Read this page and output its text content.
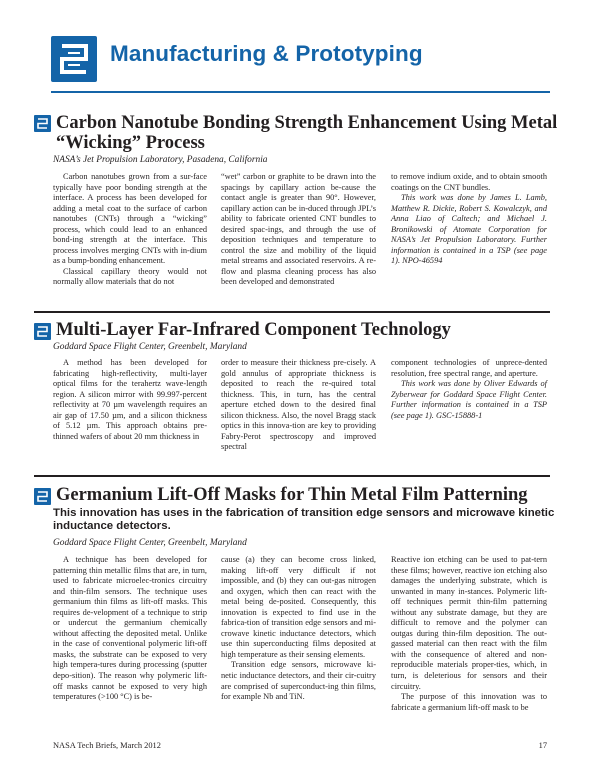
Manufacturing & Prototyping
Carbon Nanotube Bonding Strength Enhancement Using Metal
“Wicking” Process
NASA’s Jet Propulsion Laboratory, Pasadena, California

Carbon nanotubes grown from a sur-face typically have poor bonding strength at the interface. A process has been developed for adding a metal coat to the surface of carbon nanotubes (CNTs) through a “wicking” process, which could lead to an enhanced bond-ing strength at the interface. This process involves merging CNTs with in-dium as a bump-bonding enhancement.

Classical capillary theory would not normally allow materials that do not

“wet” carbon or graphite to be drawn into the spacings by capillary action be-cause the contact angle is greater than 90°. However, capillary action can be in-duced through JPL’s ability to fabricate oriented CNT bundles to desired spac-ings, and through the use of deposition techniques and temperature to control the size and mobility of the liquid metal streams and associated reservoirs. A re-flow and plasma cleaning process has also been developed and demonstrated

to remove indium oxide, and to obtain smooth coatings on the CNT bundles.

This work was done by James L. Lamb, Matthew R. Dickie, Robert S. Kowalczyk, and Anna Liao of Caltech; and Michael J. Bronikowski of Atomate Corporation for NASA’s Jet Propulsion Laboratory. Further information is contained in a TSP (see page 1). NPO-46594

Multi-Layer Far-Infrared Component Technology
Goddard Space Flight Center, Greenbelt, Maryland

A method has been developed for fabricating high-reflectivity, multi-layer optical films for the terahertz wave-length region. A silicon mirror with 99.997-percent reflectivity at 70 µm wavelength requires an air gap of 17.50 µm, and a silicon thickness of 5.12 µm. This approach obtains pre-thinned wafers of about 20 mm thickness in

order to measure their thickness pre-cisely. A gold annulus of appropriate thickness is deposited to reach the re-quired total thickness. This, in turn, has the central aperture etched down to the desired final silicon thickness. Also, the novel Bragg stack optics in this innova-tion are key to providing Fabry-Perot spectroscopy and improved spectral

component technologies of unprece-dented resolution, free spectral range, and aperture.

This work was done by Oliver Edwards of Zyberwear for Goddard Space Flight Center. Further information is contained in a TSP (see page 1). GSC-15888-1

Germanium Lift-Off Masks for Thin Metal Film Patterning
This innovation has uses in the fabrication of transition edge sensors and microwave kinetic
inductance detectors.
Goddard Space Flight Center, Greenbelt, Maryland

A technique has been developed for patterning thin metallic films that are, in turn, used to fabricate microelec-tronics circuitry and thin-film sensors. The technique uses germanium thin films as lift-off masks. This requires de-velopment of a technique to strip or undercut the germanium chemically without affecting the deposited metal. Unlike in the case of conventional polymeric lift-off masks, the substrate can be exposed to very high tempera-tures during processing (sputter depo-sition). The reason why polymeric lift-off masks cannot be exposed to very high temperatures (>100 °C) is be-

cause (a) they can become cross linked, making lift-off very difficult if not impossible, and (b) they can out-gas nitrogen and oxygen, which then can react with the metal being de-posited. Consequently, this innovation is expected to find use in the fabrica-tion of transition edge sensors and mi-crowave kinetic inductance detectors, which use thin superconducting films deposited at high temperature as their sensing elements.

Transition edge sensors, microwave ki-netic inductance detectors, and their cir-cuitry are comprised of superconduct-ing thin films, for example Nb and TiN.

Reactive ion etching can be used to pat-tern these films; however, reactive ion etching also damages the underlying substrate, which is unwanted in many in-stances. Polymeric lift-off techniques permit thin-film patterning without any substrate damage, but they are difficult to remove and the polymer can outgas during thin-film deposition. The out-gassed material can then react with the film with the consequence of altered and non-reproducible materials proper-ties, which, in turn, is deleterious for sensors and their circuitry.

The purpose of this innovation was to fabricate a germanium lift-off mask to be

NASA Tech Briefs, March 2012	17
